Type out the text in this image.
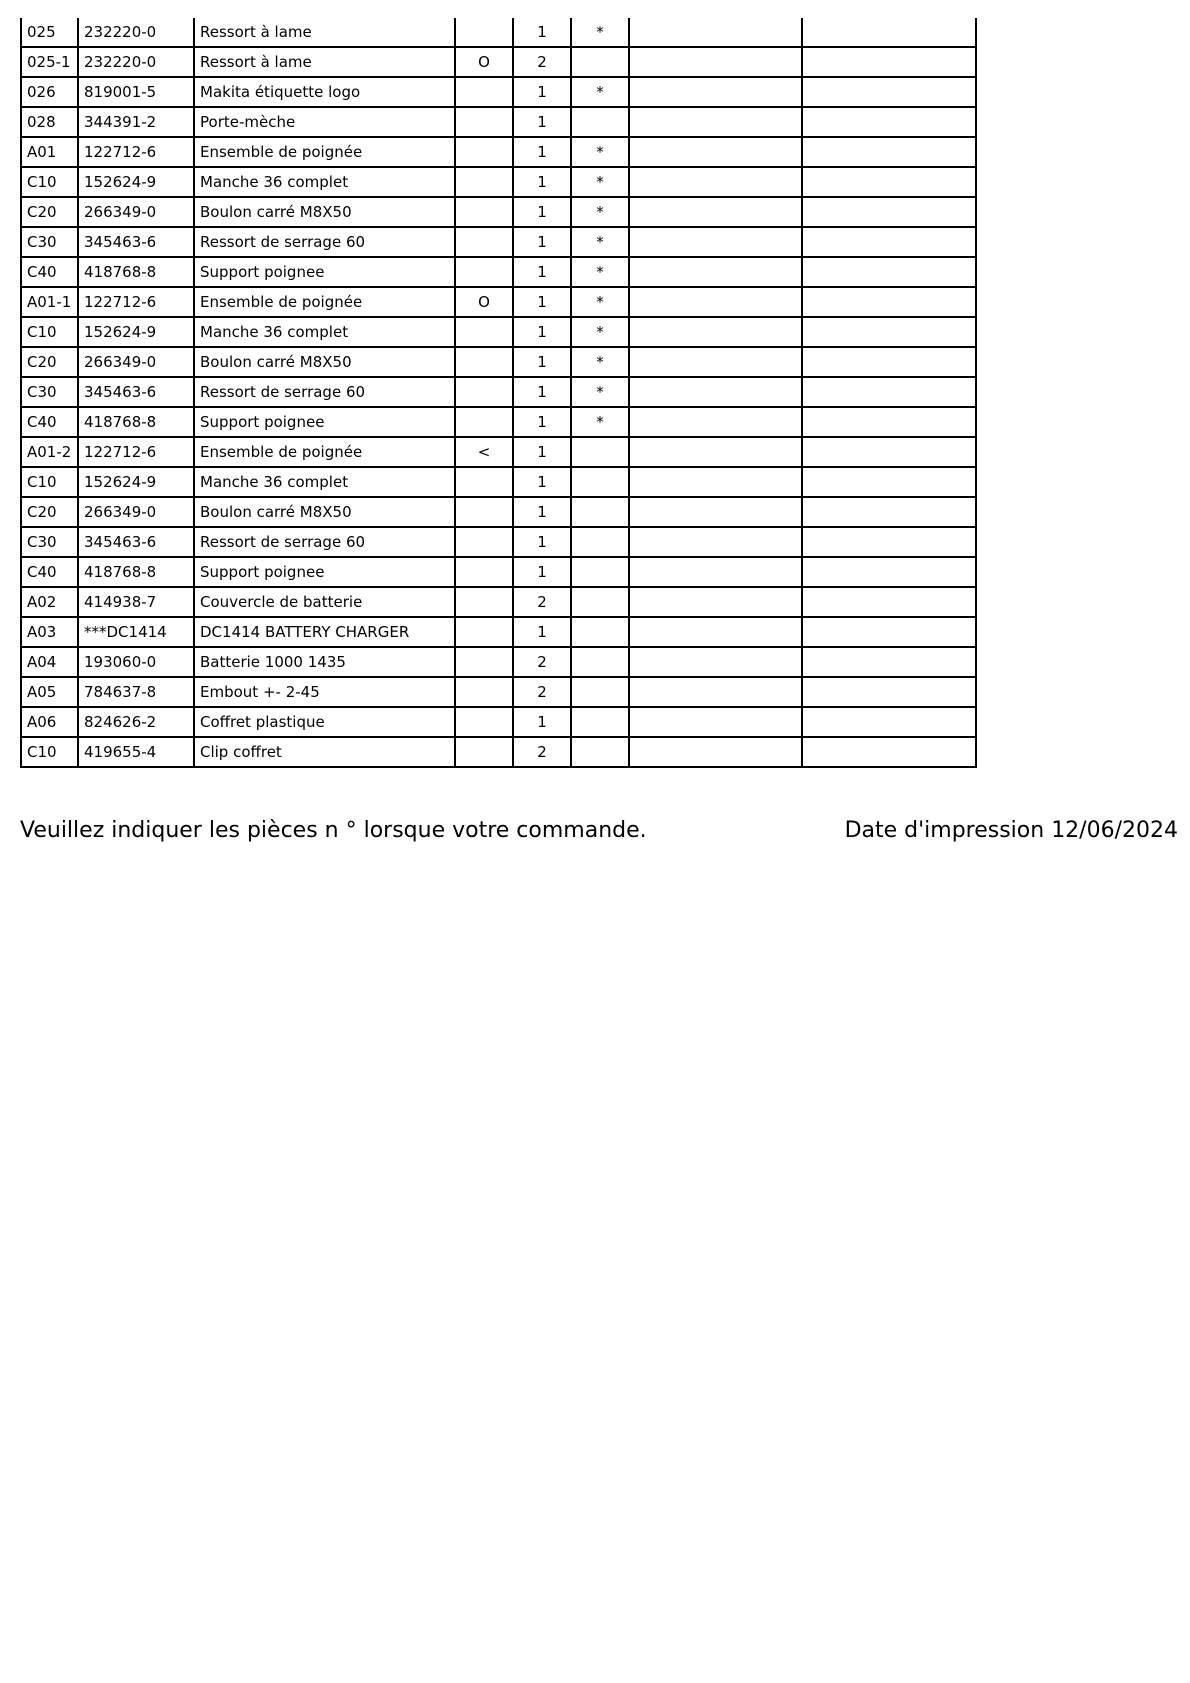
025	232220-0	Ressort à lame		1	*		
025-1	232220-0	Ressort à lame	O	2			
026	819001-5	Makita étiquette logo		1	*		
028	344391-2	Porte-mèche		1			
A01	122712-6	Ensemble de poignée		1	*		
C10	152624-9	Manche 36 complet		1	*		
C20	266349-0	Boulon carré M8X50		1	*		
C30	345463-6	Ressort de serrage 60		1	*		
C40	418768-8	Support poignee		1	*		
A01-1	122712-6	Ensemble de poignée	O	1	*		
C10	152624-9	Manche 36 complet		1	*		
C20	266349-0	Boulon carré M8X50		1	*		
C30	345463-6	Ressort de serrage 60		1	*		
C40	418768-8	Support poignee		1	*		
A01-2	122712-6	Ensemble de poignée	<	1			
C10	152624-9	Manche 36 complet		1			
C20	266349-0	Boulon carré M8X50		1			
C30	345463-6	Ressort de serrage 60		1			
C40	418768-8	Support poignee		1			
A02	414938-7	Couvercle de batterie		2			
A03	***DC1414	DC1414 BATTERY CHARGER		1			
A04	193060-0	Batterie 1000 1435		2			
A05	784637-8	Embout +- 2-45		2			
A06	824626-2	Coffret plastique		1			
C10	419655-4	Clip coffret		2			
Veuillez indiquer les pièces n ° lorsque votre commande.	Date d'impression 12/06/2024
